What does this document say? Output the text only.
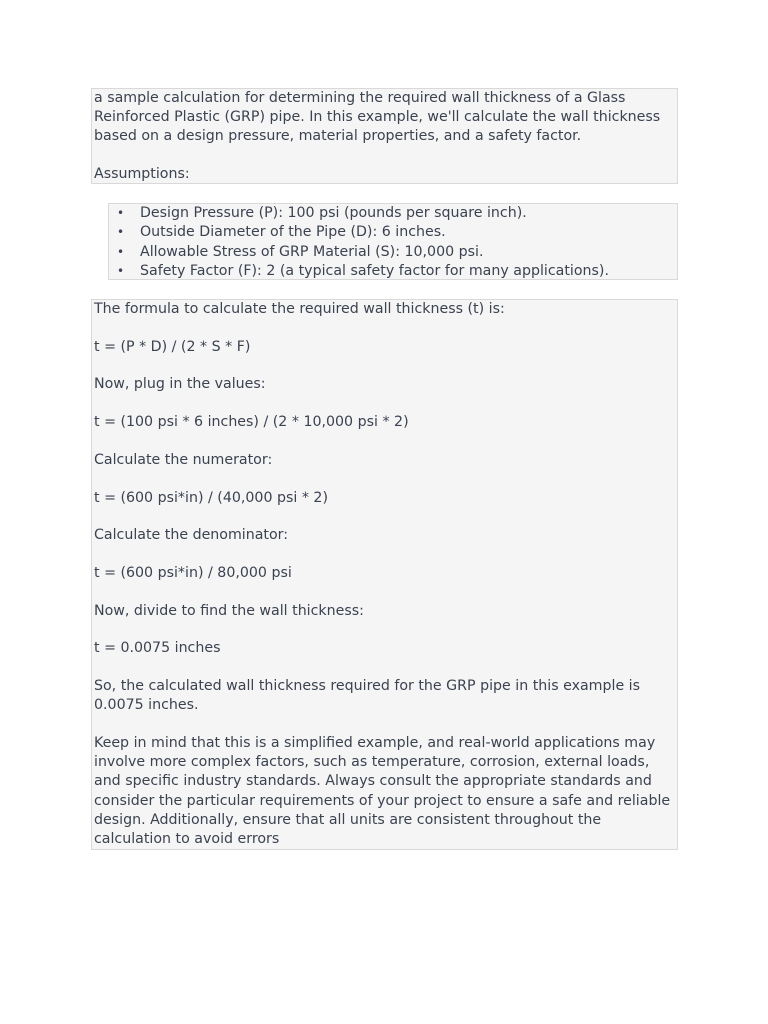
a sample calculation for determining the required wall thickness of a Glass Reinforced Plastic (GRP) pipe. In this example, we'll calculate the wall thickness based on a design pressure, material properties, and a safety factor.

Assumptions:

• Design Pressure (P): 100 psi (pounds per square inch).
• Outside Diameter of the Pipe (D): 6 inches.
• Allowable Stress of GRP Material (S): 10,000 psi.
• Safety Factor (F): 2 (a typical safety factor for many applications).

The formula to calculate the required wall thickness (t) is:

t = (P * D) / (2 * S * F)

Now, plug in the values:

t = (100 psi * 6 inches) / (2 * 10,000 psi * 2)

Calculate the numerator:

t = (600 psi*in) / (40,000 psi * 2)

Calculate the denominator:

t = (600 psi*in) / 80,000 psi

Now, divide to find the wall thickness:

t = 0.0075 inches

So, the calculated wall thickness required for the GRP pipe in this example is 0.0075 inches.

Keep in mind that this is a simplified example, and real-world applications may involve more complex factors, such as temperature, corrosion, external loads, and specific industry standards. Always consult the appropriate standards and consider the particular requirements of your project to ensure a safe and reliable design. Additionally, ensure that all units are consistent throughout the calculation to avoid errors
